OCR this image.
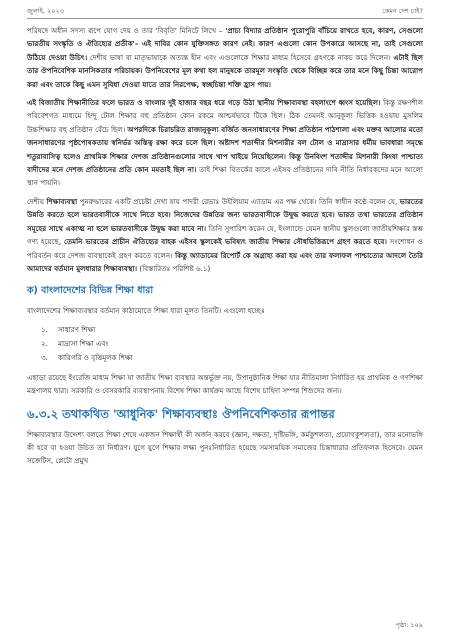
জুলাই, ২০২৩	কেমন দেশ চাই?

পরিষদে অধীন সদস্য রূপে যোগ দেয় ও তার 'বিবৃতি' মিনিটে লিখে – 'প্রাচ্য বিদ্যার প্রতিষ্ঠান পুরোপুরি বাঁচিয়ে রাখতে হবে, কারণ, সেগুলো ভারতীয় সংস্কৃতি ও ঐতিহ্যের প্রতীক'– এই দাবির কোন যুক্তিসঙ্গত কারণ নেই। কারণ এগুলো কোন উপকারে আসছে না, তাই সেগুলো উঠিয়ে দেওয়া উচিৎ। দেশীয় ভাষা বা মাতৃভাষাকে অত্যন্ত হীন এবং এগুলোকে শিক্ষার মাধ্যম হিসেবে গ্রহণকে নাকচ করে দিলেন। এটাই ছিল তার ঔপনিবেশিক মানসিকতার পরিচায়ক। উপনিবেশের মূল কথা হল মানুষকে তারমূল সংস্কৃতি থেকে বিচ্ছিন্ন করে তার মনে কিছু চিন্তা আরোপ করা এবং তাকে কিছু এমন সুবিধা দেওয়া যাতে তার নিরপেক্ষ, স্বচ্ছচিন্তা শক্তি হ্রাস পায়।

এই বিজাতীয় শিক্ষানীতির ফলে ভারত ও বাংলার দুই হাজার বছর ধরে গড়ে উঠা স্থানীয় শিক্ষাব্যবস্থা বহলাংশে ধ্বংস হয়েছিল। কিন্তু রক্ষণশীল পরিবেশগত মাধ্যমে হিন্দু টোল শিক্ষার বহু প্রতিষ্ঠান কোন রকমে আশ্চর্যভাবে টিকে ছিল। ঠিক তেমনই আনুকূল্য ভিত্তিক হওয়ায় মুসলিম উচ্চশিক্ষার বহু প্রতিষ্ঠান বেঁচে ছিল। অপরদিকে চিরাচরিত রাজানুকূল্য বর্জিত জনসাধারণের শিক্ষা প্রতিষ্ঠান পাঠশালা এবং মক্তব আলোর মতো জনসাধারণের পৃষ্ঠপোষকতায় স্বনির্ভর অস্তিত্ব রক্ষা করে চলে ছিল। অষ্টাদশ শতাব্দীর মিশনারীর বল টোল ও মাদ্রাসার ধর্মীয় ভাবধারা সমৃদ্ধে শতুরাবাসিত্ব হলেও প্রাথমিক শিক্ষার দেশজ প্রতিষ্ঠানগুলোর সাথে খাপ খাইয়ে নিয়েছিলেন। কিন্তু উনবিংশ শতাব্দীর মিশনারী কিংবা পাশ্চাত্য বাদীদের মনে দেশজ প্রতিষ্ঠানের প্রতি কোন মমতাই ছিল না। তাই শিক্ষা বিতর্কের কালে এইসব প্রতিষ্ঠানের দাবি নীতি নির্ধারকদের মনে আলো স্থান পায়নি।

দেশীয় শিক্ষাব্যবস্থা পুনরুদ্ধারের একটি প্রচেষ্টা দেখা যায় পাদরী রেভাঃ উইলিয়াম এ্যাডাম এর পক্ষ থেকে। তিনি স্বাধীন কণ্ঠে বলেন যে, ভারতের উন্নতি করতে হলে ভারতবাসীকে সাথে নিতে হবে। নিজেদের উন্নতির জন্য ভারতবাসীকে উদ্বুদ্ধ করতে হবে। ভারত তথা ভারতের প্রতিষ্ঠান সমূহের সাথে একাত্ম না হলে ভারতবাসীকে উদ্বুদ্ধ করা যাবে না। তিনি সুপারিশ করেন যে, ইংল্যান্ডে যেমন স্থানীয় স্কুলগুলো জাতীয়শিক্ষার স্তম্ভ গণ্য হয়েছে, তেমনি ভারতের প্রাচীন ঐতিহ্যের বাহক এইসব স্কুলকেই ভবিষ্যৎ জাতীয় শিক্ষার সৌধভিত্তিরূপে গ্রহণ করতে হবে। সংশোধন ও পরিবর্তন করে দেশজ ব্যবস্থাকেই গ্রহণ করতে বলেন। কিন্তু অ্যাডামের রিপোর্ট কে অগ্রাহ্য করা হয় এবং তার ফলাফল পাশ্চাত্যের আদলে তৈরি আমাদের বর্তমান মুলধারার শিক্ষাব্যবস্থা। (বিস্তারিতঃ পরিশিষ্ট ৬.১)

ক) বাংলাদেশের বিভিন্ন শিক্ষা ধারা

বাংলাদেশের শিক্ষাব্যবস্থার বর্তমান কাঠামোতে শিক্ষা ধারা মূলত তিনটি। এগুলো হচ্ছেঃ

১.	সাধারণ শিক্ষা
২.	মাদ্রাসা শিক্ষা এবং
৩.	কারিগরি ও বৃত্তিমূলক শিক্ষা

এছাড়া রয়েছে ইংরেজি মাধ্যম শিক্ষা যা জাতীয় শিক্ষা ব্যবস্থার অন্তর্ভুক্ত নয়, উপানুষ্ঠানিক শিক্ষা যার নীতিমালা নির্ধারিত হয় প্রাথমিক ও গণশিক্ষা মন্ত্রণালয় দ্বারা। সরকারি ও বেসরকারি ব্যবস্থাপনায় বিশেষ শিক্ষা কার্যক্রম আছে বিশেষ চাহিদা সম্পন্ন শিশুদের জন্য।

৬.৩.২ তথাকথিত 'আধুনিক' শিক্ষাব্যবস্থাঃ ঔপনিবেশিকতার রূপান্তর

শিক্ষাব্যবস্থার উদ্দেশ্য বলতে শিক্ষা শেষে একজন শিক্ষার্থী কী অর্জন করবে (জ্ঞান, দক্ষতা, দৃষ্টিভঙ্গি, কর্মকুশলতা, প্রয়োগকুশলতা), তার মনোভঙ্গি কী হবে বা হওয়া উচিত তা নির্ধারণ। যুগে যুগে শিক্ষার লক্ষ্য পুনঃনির্ধারিত হয়েছে সমসাময়িক সমাজের চিন্তাধারার প্রতিফলক হিসেবে। যেমন সক্রেটিস, প্লেটো প্রমুখ

পৃষ্ঠা: ১০৯
